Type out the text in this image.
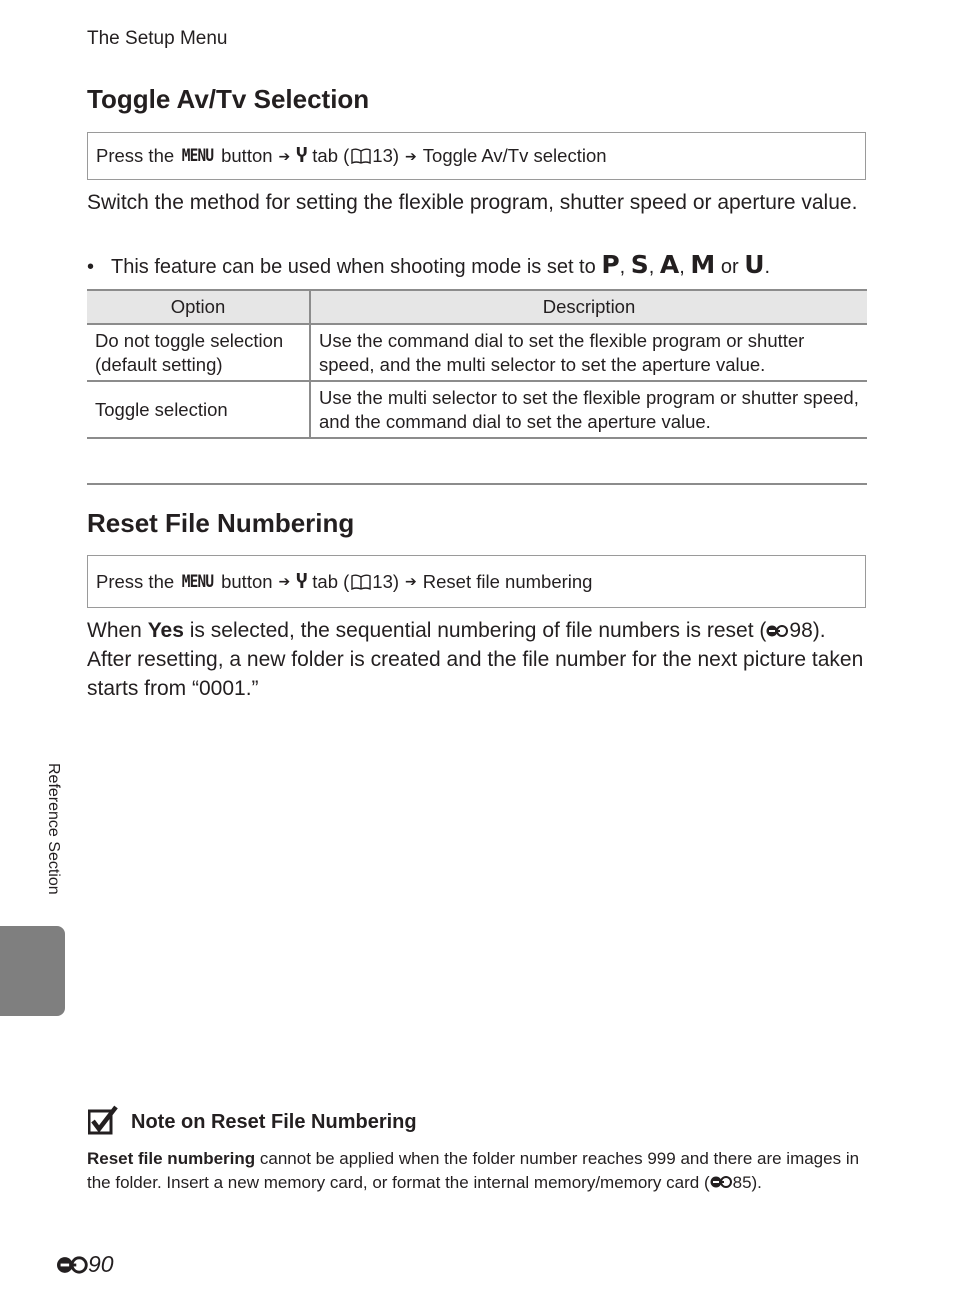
The Setup Menu
Toggle Av/Tv Selection
Press the MENU button ➔ Ⴤ tab ( 13) ➔ Toggle Av/Tv selection
Switch the method for setting the flexible program, shutter speed or aperture value.
• This feature can be used when shooting mode is set to P, S, A, M or U.
Option	Description
Do not toggle selection (default setting)	Use the command dial to set the flexible program or shutter speed, and the multi selector to set the aperture value.
Toggle selection	Use the multi selector to set the flexible program or shutter speed, and the command dial to set the aperture value.
Reset File Numbering
Press the MENU button ➔ Ⴤ tab ( 13) ➔ Reset file numbering
When Yes is selected, the sequential numbering of file numbers is reset ( 98). After resetting, a new folder is created and the file number for the next picture taken starts from “0001.”
Reference Section
Note on Reset File Numbering
Reset file numbering cannot be applied when the folder number reaches 999 and there are images in the folder. Insert a new memory card, or format the internal memory/memory card ( 85).
90
